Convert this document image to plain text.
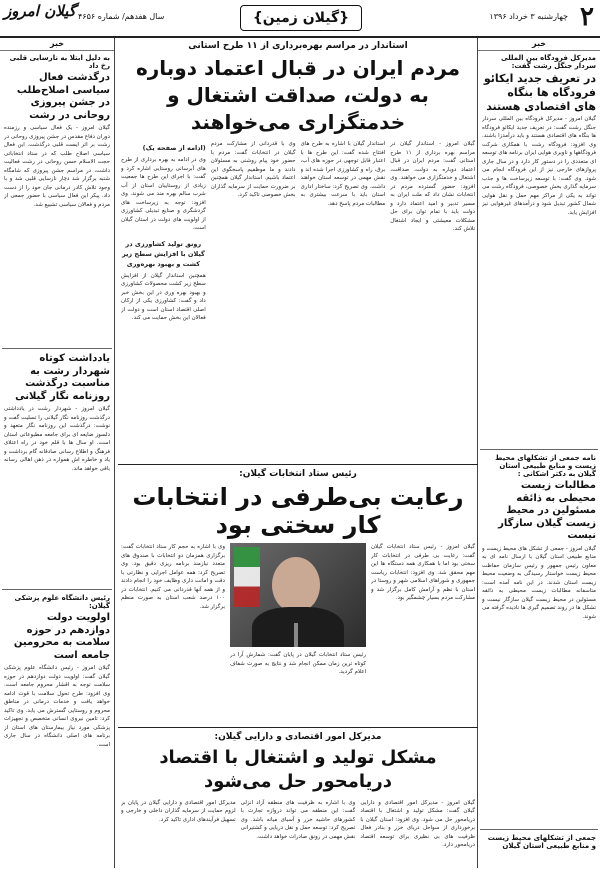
۲
چهارشنبه ۳ خرداد ۱۳۹۶
{گیلان زمین}
سال هفدهم/ شماره ۴۶۵۶
گیلان امروز
خبر
مدیرکل فرودگاه بین المللی سردار جنگل رشت گفت:
در تعریف جدید ایکائو فرودگاه ها بنگاه های اقتصادی هستند
گیلان امروز - مدیرکل فرودگاه بین المللی سردار جنگل رشت گفت: در تعریف جدید ایکائو فرودگاه ها بنگاه های اقتصادی هستند و باید درآمدزا باشند. وی افزود: فرودگاه رشت با همکاری شرکت فرودگاهها و ناوبری هوایی ایران برنامه های توسعه ای متعددی را در دستور کار دارد و در سال جاری پروازهای خارجی نیز از این فرودگاه انجام می شود. وی گفت: با توسعه زیرساخت ها و جذب سرمایه گذاری بخش خصوصی، فرودگاه رشت می تواند به یکی از مراکز مهم حمل و نقل هوایی شمال کشور تبدیل شود و درآمدهای غیرهوایی نیز افزایش یابد.
نامه جمعی از تشکلهای محیط زیست و منابع طبیعی استان گیلان به دکتر اشکانی :
مطالبات زیست محیطی به ذائقه مسئولین در محیط زیست گیلان سازگار نیست
گیلان امروز - جمعی از تشکل های محیط زیست و منابع طبیعی استان گیلان با ارسال نامه ای به معاون رئیس جمهور و رئیس سازمان حفاظت محیط زیست خواستار رسیدگی به وضعیت محیط زیست استان شدند. در این نامه آمده است: متاسفانه مطالبات زیست محیطی به ذائقه مسئولین در محیط زیست گیلان سازگار نیست و تشکل ها در روند تصمیم گیری ها نادیده گرفته می شوند.
جمعی از تشکلهای محیط زیست و منابع طبیعی استان گیلان
خبر
به دلیل ابتلا به نارسایی قلبی رخ داد
درگذشت فعال سیاسی اصلاح‌طلب در جشن پیروزی روحانی در رشت
گیلان امروز - یک فعال سیاسی و رزمنده دوران دفاع مقدس در جشن پیروزی روحانی در رشت بر اثر ایست قلبی درگذشت. این فعال سیاسی اصلاح طلب که در ستاد انتخاباتی حجت الاسلام حسن روحانی در رشت فعالیت داشت، در مراسم جشن پیروزی که شامگاه شنبه برگزار شد دچار نارسایی قلبی شد و با وجود تلاش کادر درمانی جان خود را از دست داد. پیکر این فعال سیاسی با حضور جمعی از مردم و فعالان سیاسی تشییع شد.
یادداشت کوتاه شهردار رشت به مناسبت درگذشت روزنامه نگار گیلانی
گیلان امروز - شهردار رشت در یادداشتی درگذشت روزنامه نگار گیلانی را تسلیت گفت و نوشت: درگذشت این روزنامه نگار متعهد و دلسوز ضایعه ای برای جامعه مطبوعاتی استان است. او سال ها با قلم خود در راه اعتلای فرهنگ و اطلاع رسانی صادقانه گام برداشت و یاد و خاطره اش همواره در ذهن اهالی رسانه باقی خواهد ماند.
رئیس دانشگاه علوم پزشکی گیلان:
اولویت دولت دوازدهم در حوزه سلامت به محرومین جامعه است
گیلان امروز - رئیس دانشگاه علوم پزشکی گیلان گفت: اولویت دولت دوازدهم در حوزه سلامت توجه به اقشار محروم جامعه است. وی افزود: طرح تحول سلامت با قوت ادامه خواهد یافت و خدمات درمانی در مناطق محروم و روستایی گسترش می یابد. وی تاکید کرد: تامین نیروی انسانی متخصص و تجهیزات پزشکی مورد نیاز بیمارستان های استان از برنامه های اصلی دانشگاه در سال جاری است.
استاندار در مراسم بهره‌برداری از ۱۱ طرح استانی
مردم ایران در قبال اعتماد دوباره به دولت، صداقت اشتغال و خدمتگزاری می‌خواهند
گیلان امروز - استاندار گیلان در مراسم بهره برداری از ۱۱ طرح استانی گفت: مردم ایران در قبال اعتماد دوباره به دولت، صداقت، اشتغال و خدمتگزاری می خواهند. وی افزود: حضور گسترده مردم در انتخابات نشان داد که ملت ایران به مسیر تدبیر و امید اعتماد دارد و دولت باید با تمام توان برای حل مشکلات معیشتی و ایجاد اشتغال تلاش کند.
استاندار گیلان با اشاره به طرح های افتتاح شده گفت: این طرح ها با اعتبار قابل توجهی در حوزه های آب، برق، راه و کشاورزی اجرا شده اند و نقش مهمی در توسعه استان خواهند داشت. وی تصریح کرد: ساختار اداری استان باید با سرعت بیشتری به مطالبات مردم پاسخ دهد.
وی با قدردانی از مشارکت مردم گیلان در انتخابات گفت: مردم با حضور خود پیام روشنی به مسئولان دادند و ما موظفیم پاسخگوی این اعتماد باشیم. استاندار گیلان همچنین بر ضرورت حمایت از سرمایه گذاران بخش خصوصی تاکید کرد.
(ادامه از صفحه یک)
وی در ادامه به بهره برداری از طرح های آبرسانی روستایی اشاره کرد و گفت: با اجرای این طرح ها جمعیت زیادی از روستاییان استان از آب شرب سالم بهره مند می شوند. وی افزود: توجه به زیرساخت های گردشگری و صنایع تبدیلی کشاورزی از اولویت های دولت در استان گیلان است.
رونق تولید کشاورزی در گیلان با افزایش سطح زیر کشت و بهبود بهره‌وری
همچنین استاندار گیلان از افزایش سطح زیر کشت محصولات کشاورزی و بهبود بهره وری در این بخش خبر داد و گفت: کشاورزی یکی از ارکان اصلی اقتصاد استان است و دولت از فعالان این بخش حمایت می کند.
رئیس ستاد انتخابات گیلان:
رعایت بی‌طرفی در انتخابات کار سختی بود
گیلان امروز - رئیس ستاد انتخابات گیلان گفت: رعایت بی طرفی در انتخابات کار سختی بود اما با همکاری همه دستگاه ها این مهم محقق شد. وی افزود: انتخابات ریاست جمهوری و شوراهای اسلامی شهر و روستا در استان با نظم و آرامش کامل برگزار شد و مشارکت مردم بسیار چشمگیر بود.
رئیس ستاد انتخابات گیلان در پایان گفت: شمارش آرا در کوتاه ترین زمان ممکن انجام شد و نتایج به صورت شفاف اعلام گردید.
وی با اشاره به حجم کار ستاد انتخابات گفت: برگزاری همزمان دو انتخابات با صندوق های متعدد نیازمند برنامه ریزی دقیق بود. وی تصریح کرد: همه عوامل اجرایی و نظارتی با دقت و امانت داری وظایف خود را انجام دادند و از همه آنها قدردانی می کنیم. انتخابات در ۱۰۰ درصد شعب استان به صورت منظم برگزار شد.
مدیرکل امور اقتصادی و دارایی گیلان:
مشکل تولید و اشتغال با اقتصاد دریامحور حل می‌شود
گیلان امروز - مدیرکل امور اقتصادی و دارایی گیلان گفت: مشکل تولید و اشتغال با اقتصاد دریامحور حل می شود. وی افزود: استان گیلان با برخورداری از سواحل دریای خزر و بنادر فعال ظرفیت های بی نظیری برای توسعه اقتصاد دریامحور دارد.
وی با اشاره به ظرفیت های منطقه آزاد انزلی گفت: این منطقه می تواند دروازه تجارت با کشورهای حاشیه خزر و آسیای میانه باشد. وی تصریح کرد: توسعه حمل و نقل دریایی و کشتیرانی نقش مهمی در رونق صادرات خواهد داشت.
مدیرکل امور اقتصادی و دارایی گیلان در پایان بر لزوم حمایت از سرمایه گذاران داخلی و خارجی و تسهیل فرآیندهای اداری تاکید کرد.
